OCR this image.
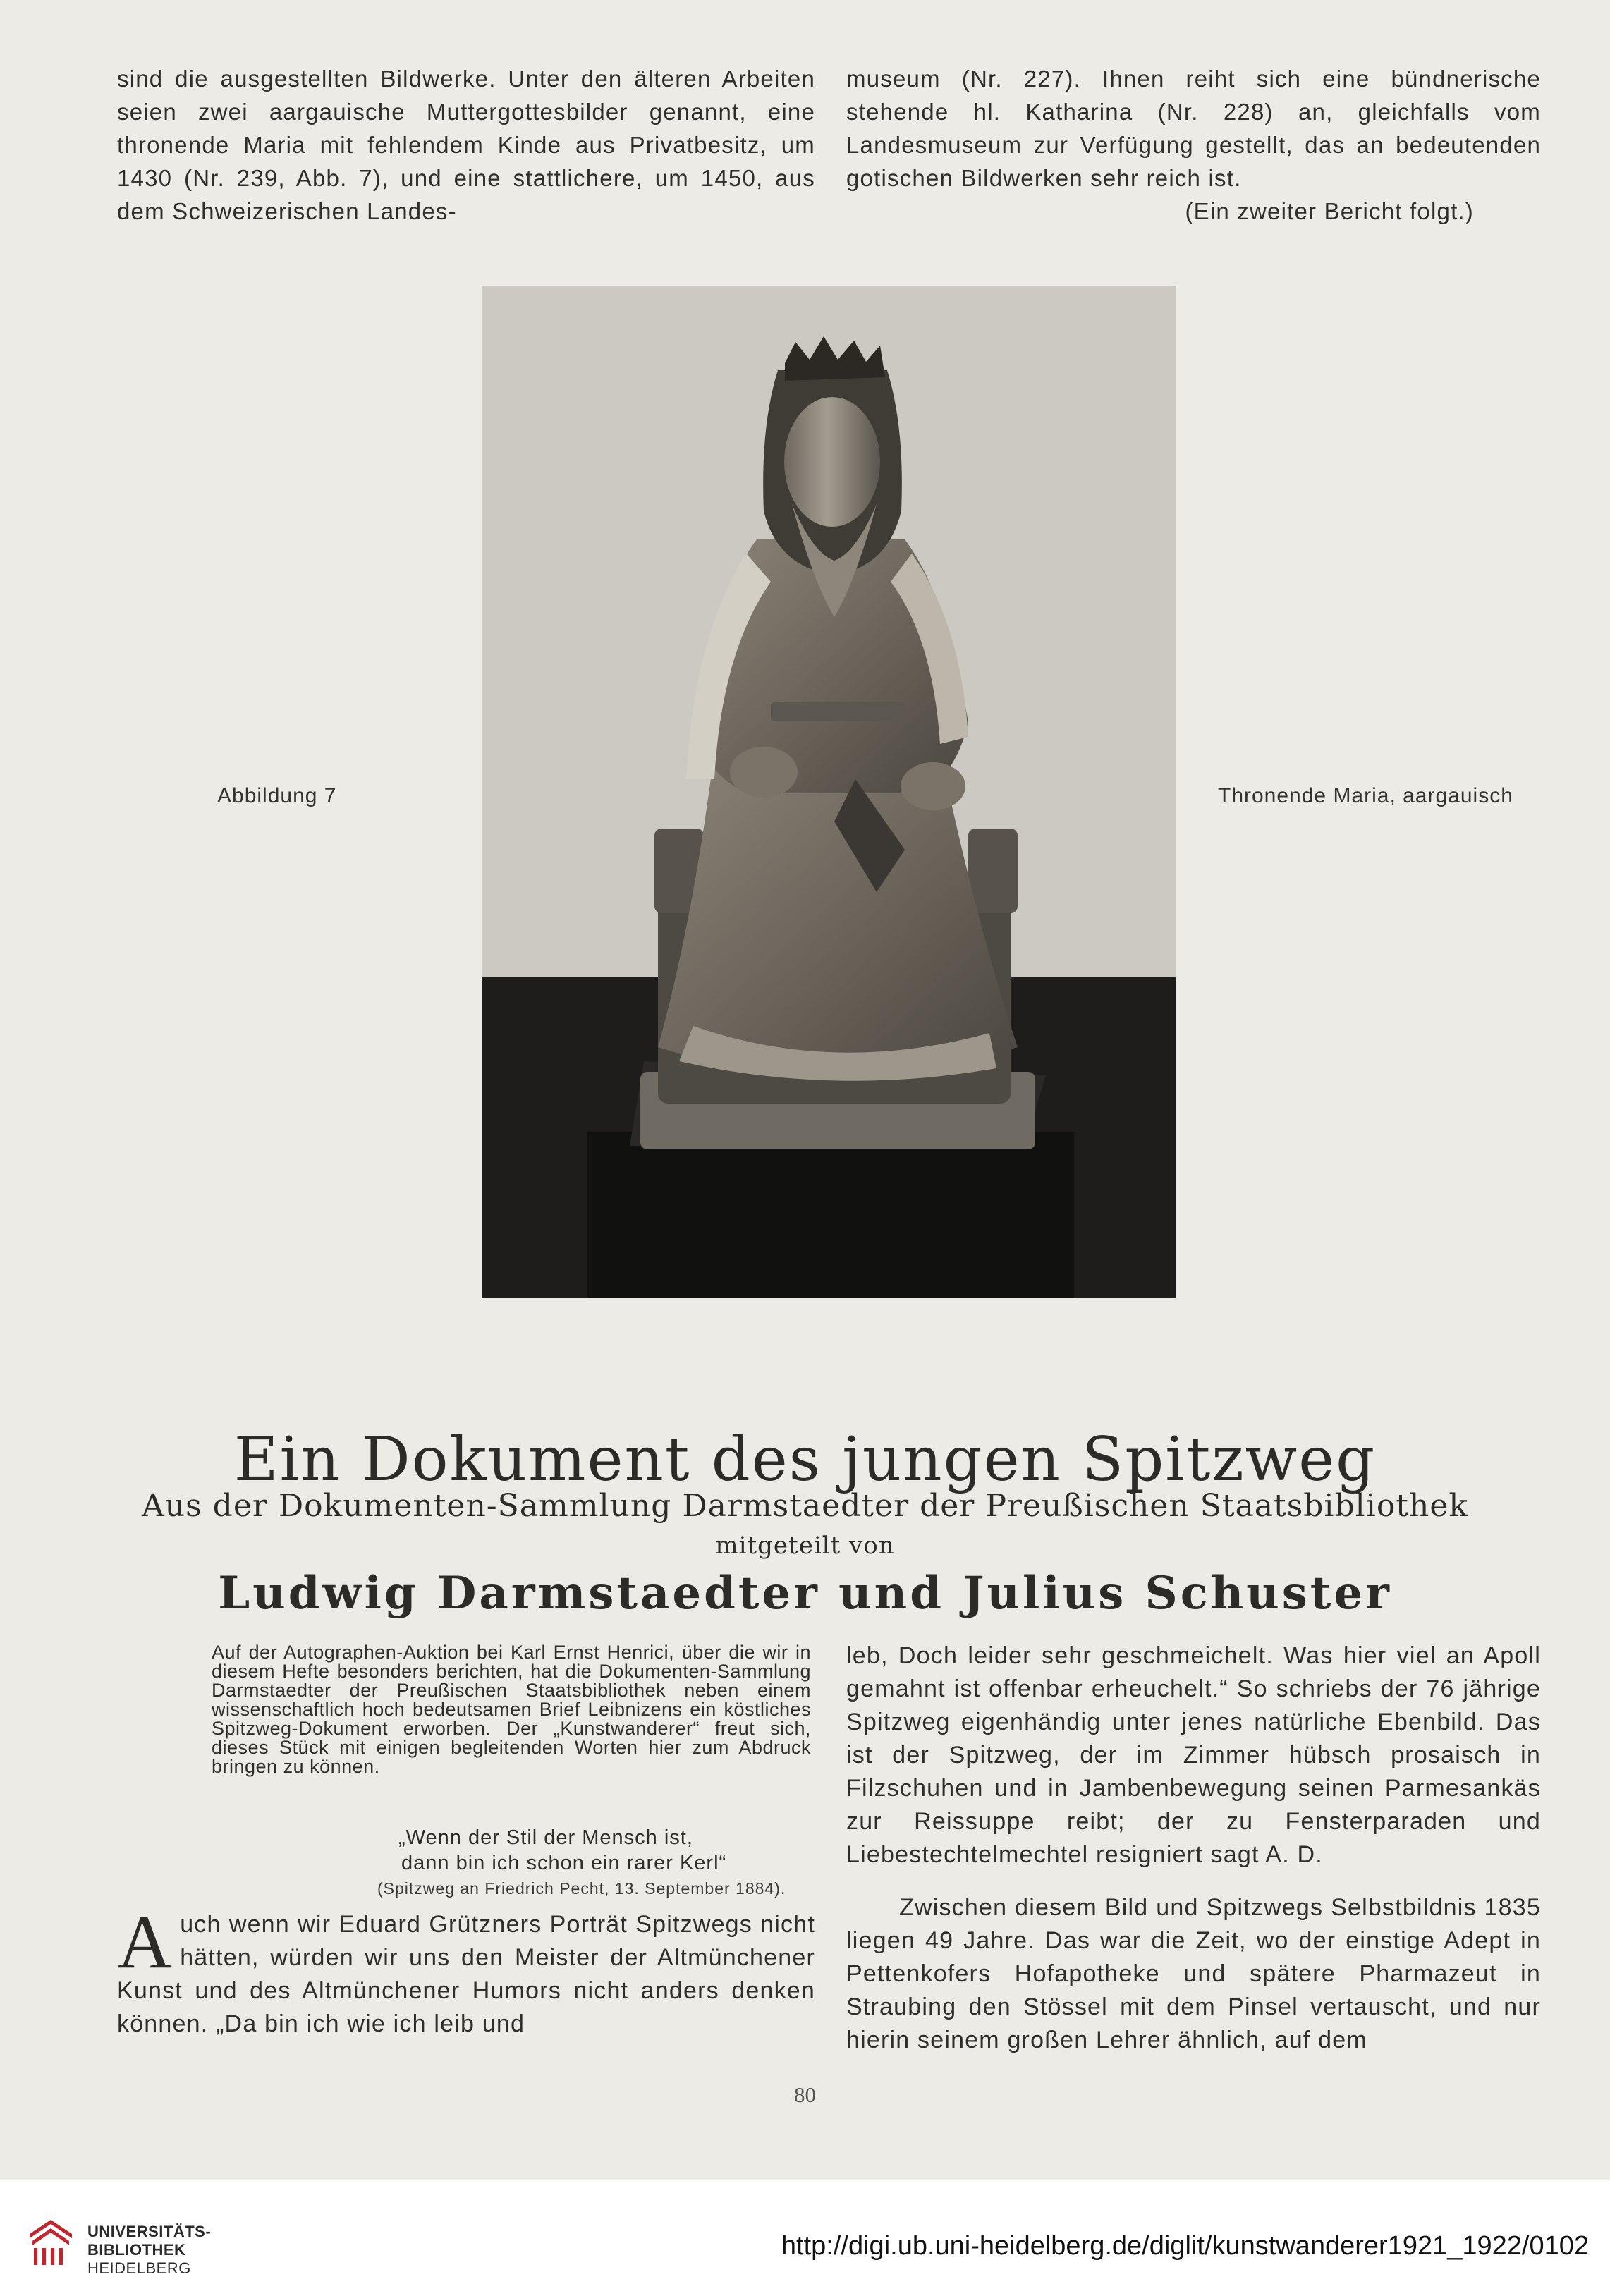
sind die ausgestellten Bildwerke. Unter den älteren Arbeiten seien zwei aargauische Muttergottesbilder genannt, eine thronende Maria mit fehlendem Kinde aus Privatbesitz, um 1430 (Nr. 239, Abb. 7), und eine stattlichere, um 1450, aus dem Schweizerischen Landes-

museum (Nr. 227). Ihnen reiht sich eine bündnerische stehende hl. Katharina (Nr. 228) an, gleichfalls vom Landesmuseum zur Verfügung gestellt, das an bedeutenden gotischen Bildwerken sehr reich ist.

(Ein zweiter Bericht folgt.)

Abbildung 7	Thronende Maria, aargauisch
Ein Dokument des jungen Spitzweg
Aus der Dokumenten-Sammlung Darmstaedter der Preußischen Staatsbibliothek
mitgeteilt von
Ludwig Darmstaedter und Julius Schuster

Auf der Autographen-Auktion bei Karl Ernst Henrici, über die wir in diesem Hefte besonders berichten, hat die Dokumenten-Sammlung Darmstaedter der Preußischen Staatsbibliothek neben einem wissenschaftlich hoch bedeutsamen Brief Leibnizens ein köstliches Spitzweg-Dokument erworben. Der „Kunstwanderer“ freut sich, dieses Stück mit einigen begleitenden Worten hier zum Abdruck bringen zu können.

„Wenn der Stil der Mensch ist,
dann bin ich schon ein rarer Kerl“
(Spitzweg an Friedrich Pecht, 13. September 1884).

Auch wenn wir Eduard Grützners Porträt Spitzwegs nicht hätten, würden wir uns den Meister der Altmünchener Kunst und des Altmünchener Humors nicht anders denken können. „Da bin ich wie ich leib und

leb, Doch leider sehr geschmeichelt. Was hier viel an Apoll gemahnt ist offenbar erheuchelt.“ So schriebs der 76 jährige Spitzweg eigenhändig unter jenes natürliche Ebenbild. Das ist der Spitzweg, der im Zimmer hübsch prosaisch in Filzschuhen und in Jambenbewegung seinen Parmesankäs zur Reissuppe reibt; der zu Fensterparaden und Liebestechtelmechtel resigniert sagt A. D.

Zwischen diesem Bild und Spitzwegs Selbstbildnis 1835 liegen 49 Jahre. Das war die Zeit, wo der einstige Adept in Pettenkofers Hofapotheke und spätere Pharmazeut in Straubing den Stössel mit dem Pinsel vertauscht, und nur hierin seinem großen Lehrer ähnlich, auf dem

80
UNIVERSITÄTS-
BIBLIOTHEK
HEIDELBERG
http://digi.ub.uni-heidelberg.de/diglit/kunstwanderer1921_1922/0102
